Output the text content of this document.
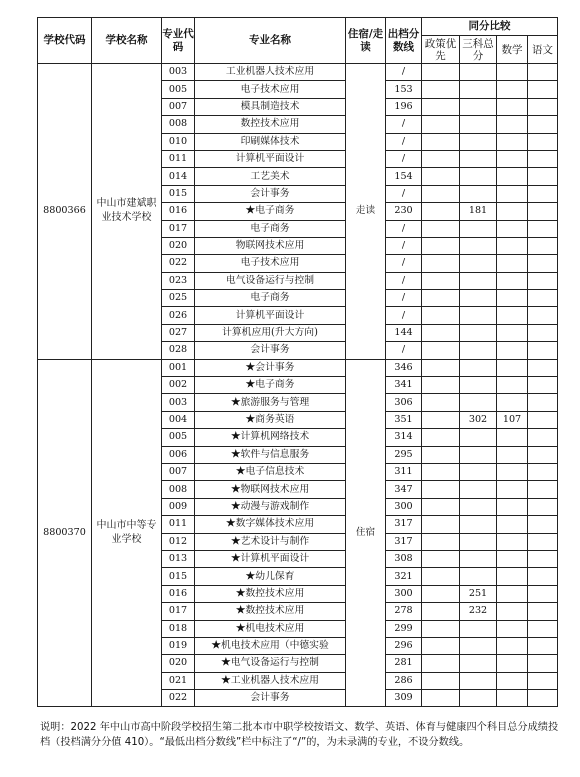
学校代码	学校名称	专业代码	专业名称	住宿/走读	出档分数线	同分比较			
						政策优先	三科总分	数学	语文
8800366	中山市建斌职业技术学校	003	工业机器人技术应用	走读	/				
		005	电子技术应用		153				
		007	模具制造技术		196				
		008	数控技术应用		/				
		010	印刷媒体技术		/				
		011	计算机平面设计		/				
		014	工艺美术		154				
		015	会计事务		/				
		016	★电子商务		230		181		
		017	电子商务		/				
		020	物联网技术应用		/				
		022	电子技术应用		/				
		023	电气设备运行与控制		/				
		025	电子商务		/				
		026	计算机平面设计		/				
		027	计算机应用(升大方向)		144				
		028	会计事务		/				
8800370	中山市中等专业学校	001	★会计事务	住宿	346				
		002	★电子商务		341				
		003	★旅游服务与管理		306				
		004	★商务英语		351		302	107	
		005	★计算机网络技术		314				
		006	★软件与信息服务		295				
		007	★电子信息技术		311				
		008	★物联网技术应用		347				
		009	★动漫与游戏制作		300				
		011	★数字媒体技术应用		317				
		012	★艺术设计与制作		317				
		013	★计算机平面设计		308				
		015	★幼儿保育		321				
		016	★数控技术应用		300		251		
		017	★数控技术应用		278		232		
		018	★机电技术应用		299				
		019	★机电技术应用（中德实验		296				
		020	★电气设备运行与控制		281				
		021	★工业机器人技术应用		286				
		022	会计事务		309				
说明：2022 年中山市高中阶段学校招生第二批本市中职学校按语文、数学、英语、体育与健康四个科目总分成绩投档（投档满分分值 410）。“最低出档分数线”栏中标注了“/”的，为未录满的专业，不设分数线。
